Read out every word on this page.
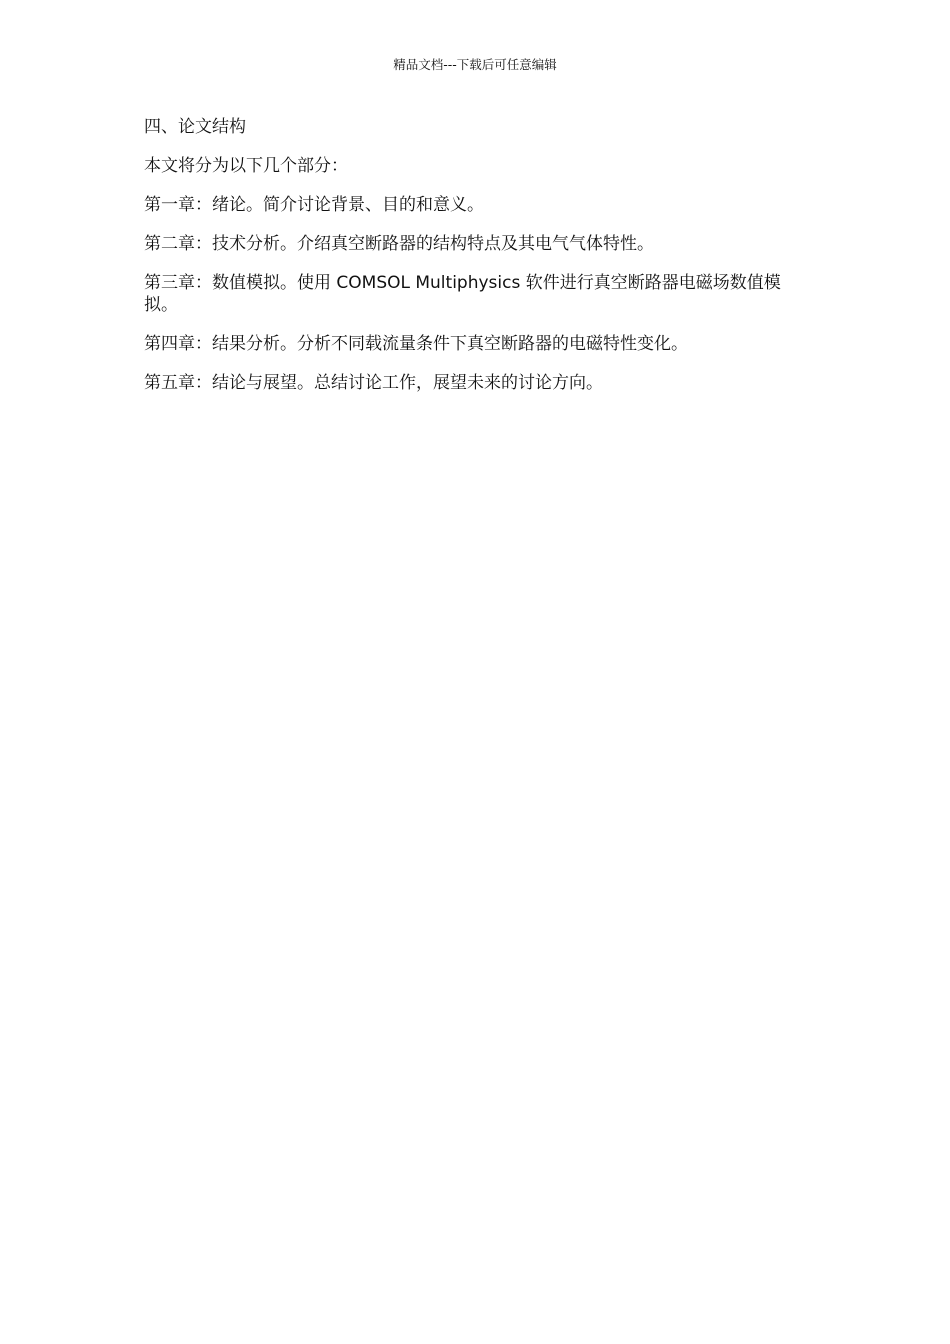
精品文档---下载后可任意编辑

四、论文结构

本文将分为以下几个部分：

第一章：绪论。简介讨论背景、目的和意义。

第二章：技术分析。介绍真空断路器的结构特点及其电气气体特性。

第三章：数值模拟。使用 COMSOL Multiphysics 软件进行真空断路器电磁场数值模拟。

第四章：结果分析。分析不同载流量条件下真空断路器的电磁特性变化。

第五章：结论与展望。总结讨论工作，展望未来的讨论方向。
